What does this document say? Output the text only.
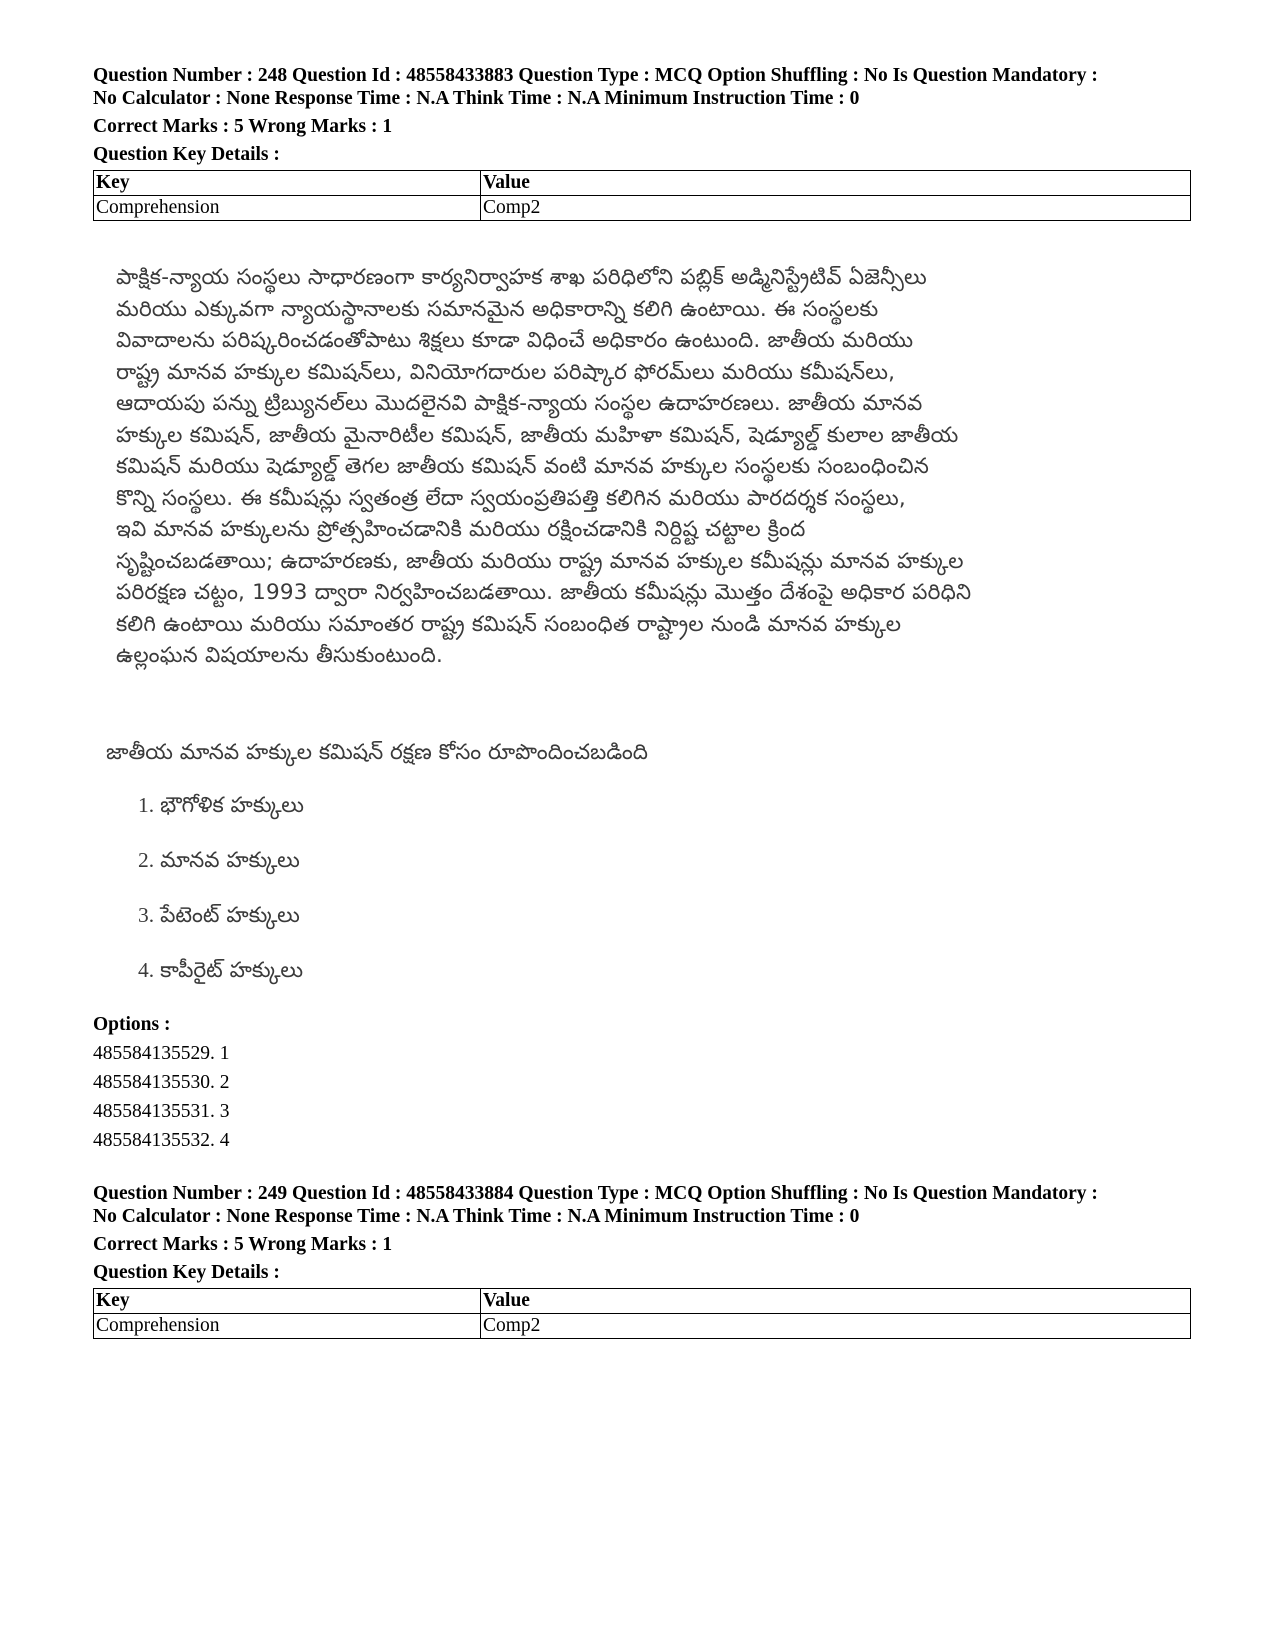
Question Number : 248 Question Id : 48558433883 Question Type : MCQ Option Shuffling : No Is Question Mandatory :

No Calculator : None Response Time : N.A Think Time : N.A Minimum Instruction Time : 0

Correct Marks : 5 Wrong Marks : 1
Question Key Details :
Key	Value
Comprehension	Comp2
పాక్షిక-న్యాయ సంస్థలు సాధారణంగా కార్యనిర్వాహక శాఖ పరిధిలోని పబ్లిక్ అడ్మినిస్ట్రేటివ్ ఏజెన్సీలు
మరియు ఎక్కువగా న్యాయస్థానాలకు సమానమైన అధికారాన్ని కలిగి ఉంటాయి. ఈ సంస్థలకు
వివాదాలను పరిష్కరించడంతోపాటు శిక్షలు కూడా విధించే అధికారం ఉంటుంది. జాతీయ మరియు
రాష్ట్ర మానవ హక్కుల కమిషన్‌లు, వినియోగదారుల పరిష్కార ఫోరమ్‌లు మరియు కమీషన్‌లు,
ఆదాయపు పన్ను ట్రిబ్యునల్‌లు మొదలైనవి పాక్షిక-న్యాయ సంస్థల ఉదాహరణలు. జాతీయ మానవ
హక్కుల కమిషన్, జాతీయ మైనారిటీల కమిషన్, జాతీయ మహిళా కమిషన్, షెడ్యూల్డ్ కులాల జాతీయ
కమిషన్ మరియు షెడ్యూల్డ్ తెగల జాతీయ కమిషన్ వంటి మానవ హక్కుల సంస్థలకు సంబంధించిన
కొన్ని సంస్థలు. ఈ కమీషన్లు స్వతంత్ర లేదా స్వయంప్రతిపత్తి కలిగిన మరియు పారదర్శక సంస్థలు,
ఇవి మానవ హక్కులను ప్రోత్సహించడానికి మరియు రక్షించడానికి నిర్దిష్ట చట్టాల క్రింద
సృష్టించబడతాయి; ఉదాహరణకు, జాతీయ మరియు రాష్ట్ర మానవ హక్కుల కమీషన్లు మానవ హక్కుల
పరిరక్షణ చట్టం, 1993 ద్వారా నిర్వహించబడతాయి. జాతీయ కమీషన్లు మొత్తం దేశంపై అధికార పరిధిని
కలిగి ఉంటాయి మరియు సమాంతర రాష్ట్ర కమిషన్ సంబంధిత రాష్ట్రాల నుండి మానవ హక్కుల
ఉల్లంఘన విషయాలను తీసుకుంటుంది.
జాతీయ మానవ హక్కుల కమిషన్ రక్షణ కోసం రూపొందించబడింది
1. భౌగోళిక హక్కులు
2. మానవ హక్కులు
3. పేటెంట్ హక్కులు
4. కాపీరైట్ హక్కులు
Options :
485584135529. 1
485584135530. 2
485584135531. 3
485584135532. 4

Question Number : 249 Question Id : 48558433884 Question Type : MCQ Option Shuffling : No Is Question Mandatory :

No Calculator : None Response Time : N.A Think Time : N.A Minimum Instruction Time : 0

Correct Marks : 5 Wrong Marks : 1
Question Key Details :
Key	Value
Comprehension	Comp2
